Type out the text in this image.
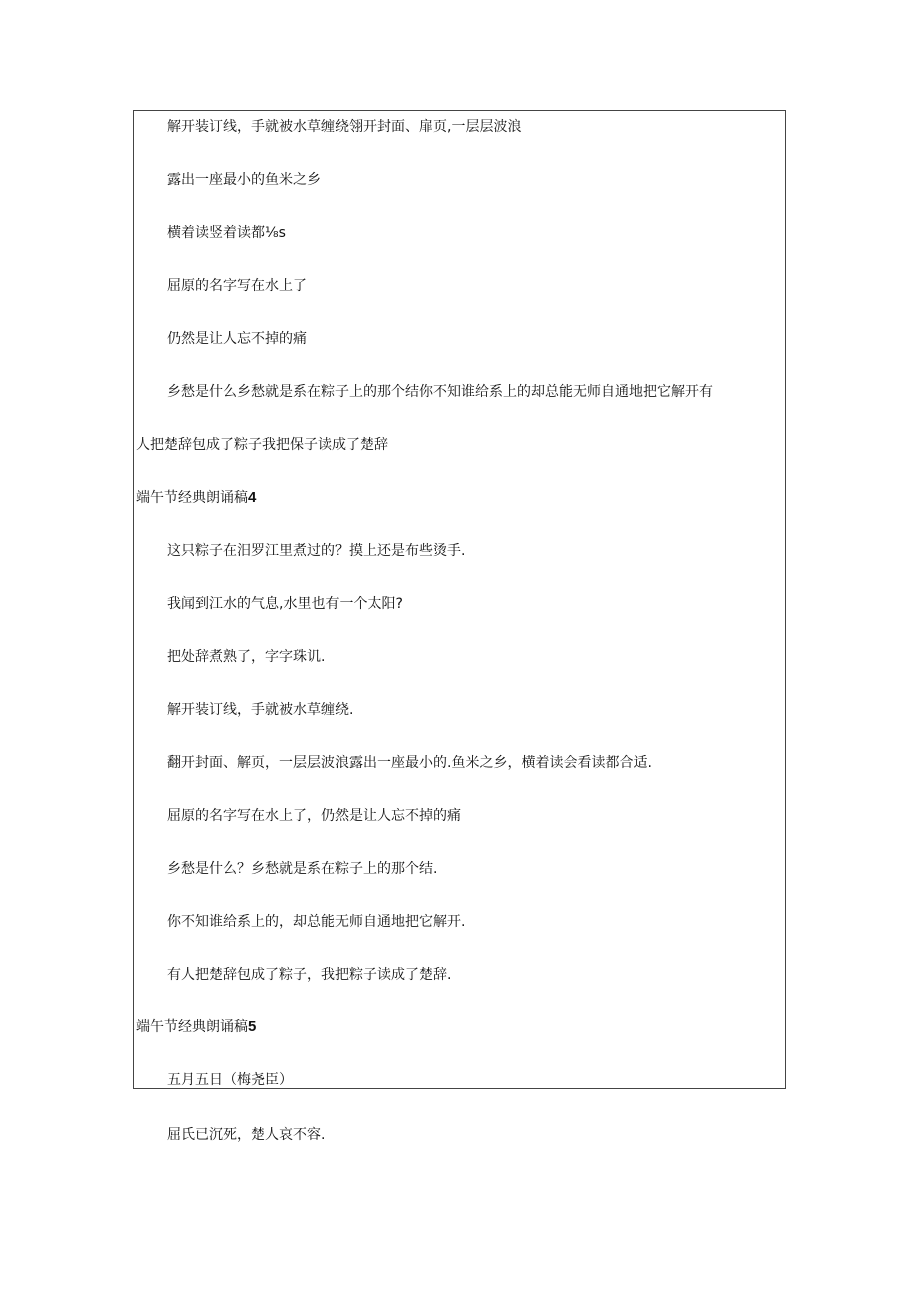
解开装订线，手就被水草缠绕翎开封面、扉页,一层层波浪
露出一座最小的鱼米之乡
横着读竖着读都⅛s
屈原的名字写在水上了
仍然是让人忘不掉的痛
乡愁是什么乡愁就是系在粽子上的那个结你不知谁给系上的却总能无师自通地把它解开有
人把楚辞包成了粽子我把保子读成了楚辞
端午节经典朗诵稿4
这只粽子在汨罗江里煮过的？摸上还是布些烫手.
我闻到江水的气息,水里也有一个太阳?
把处辞煮熟了，字字珠讥.
解开装订线，手就被水草缠绕.
翻开封面、解页，一层层波浪露出一座最小的.鱼米之乡，横着读会看读都合适.
屈原的名字写在水上了，仍然是让人忘不掉的痛
乡愁是什么？乡愁就是系在粽子上的那个结.
你不知谁给系上的，却总能无师自通地把它解开.
有人把楚辞包成了粽子，我把粽子读成了楚辞.
端午节经典朗诵稿5
五月五日（梅尧臣）
屈氏已沉死，楚人哀不容.
